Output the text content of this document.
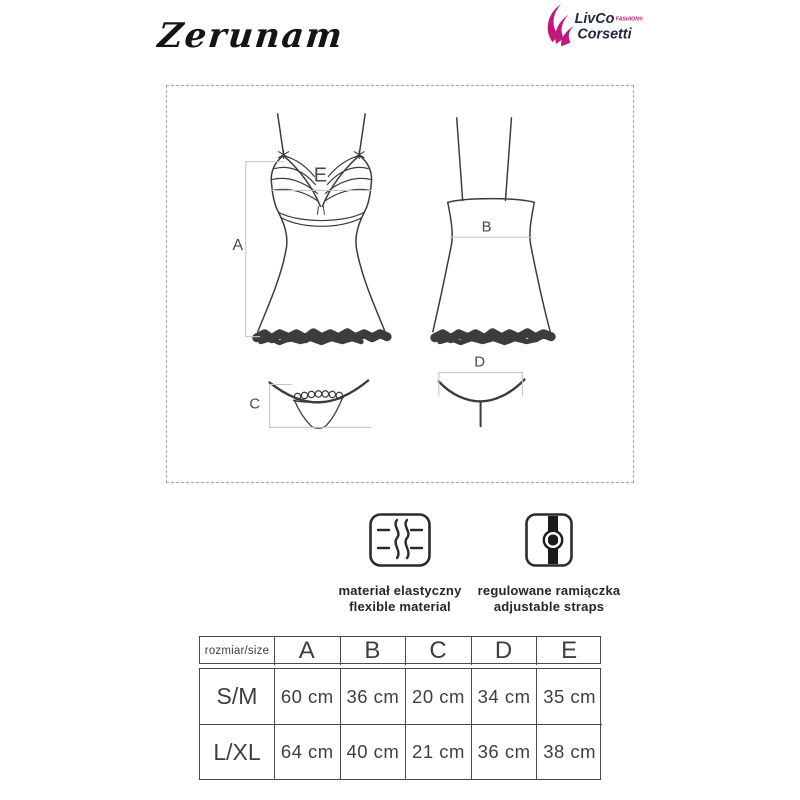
Zerunam	LivCo FASHION®
Corsetti
A
B
C
D
E
materiał elastyczny
flexible material
regulowane ramiączka
adjustable straps
rozmiar/size	A	B	C	D	E
S/M	60 cm 36 cm 20 cm 34 cm 35 cm
L/XL	64 cm 40 cm 21 cm 36 cm 38 cm
